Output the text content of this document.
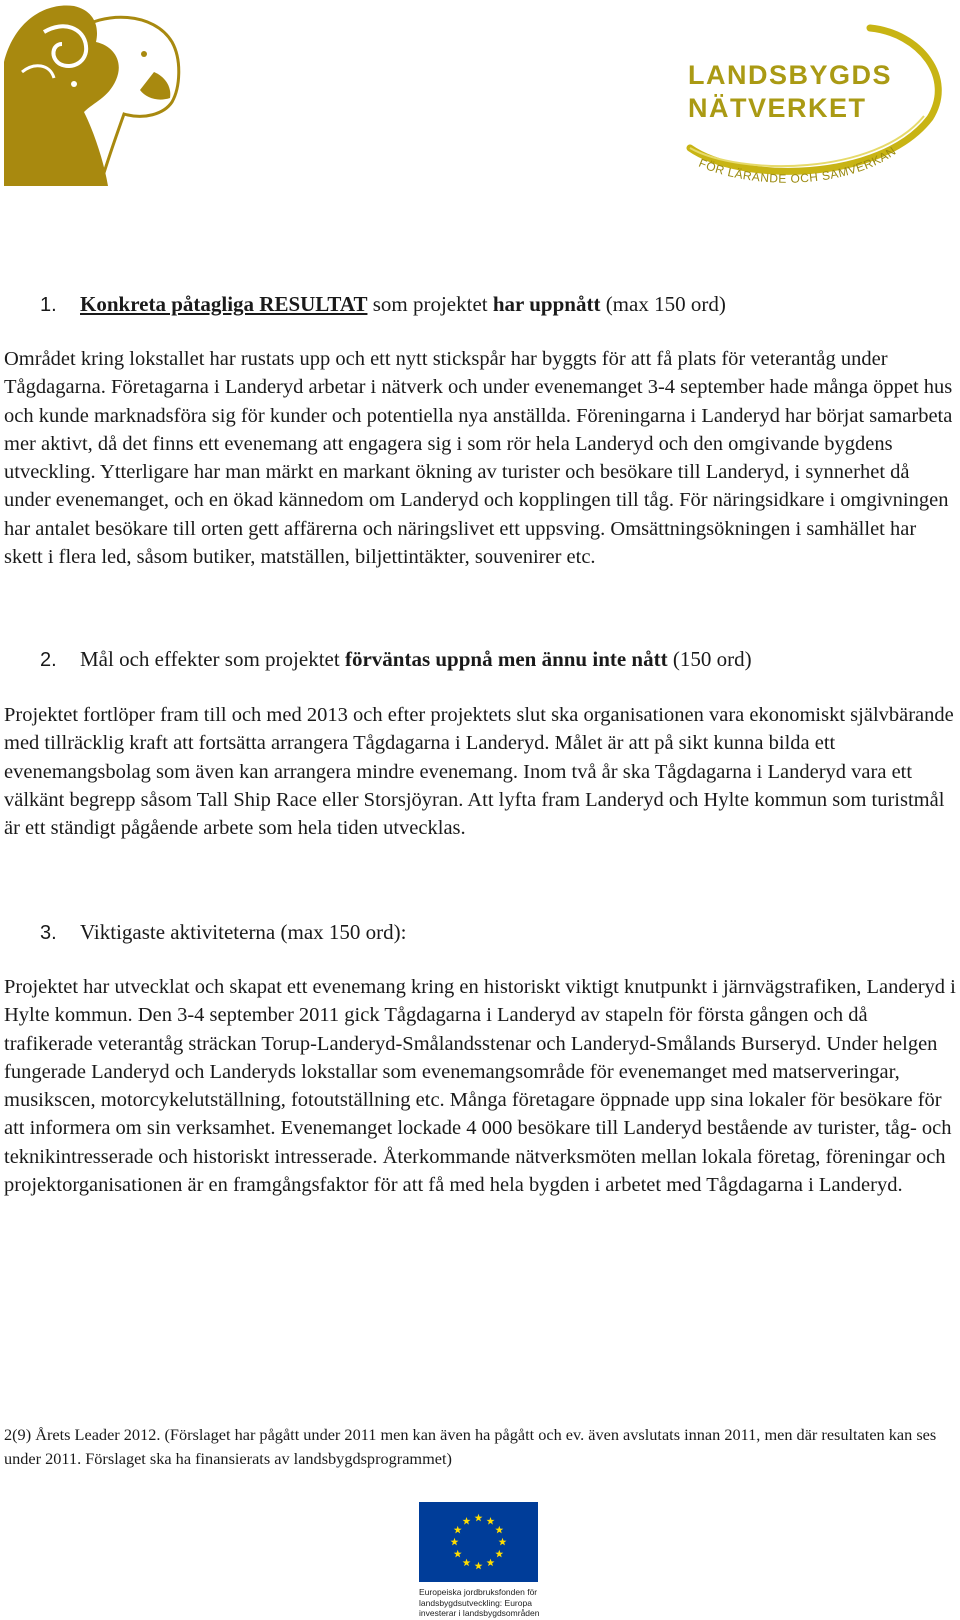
LANDSBYGDS
NÄTVERKET
FÖR LÄRANDE OCH SAMVERKAN
1. Konkreta påtagliga RESULTAT som projektet har uppnått (max 150 ord)

Området kring lokstallet har rustats upp och ett nytt stickspår har byggts för att få plats för veterantåg under Tågdagarna. Företagarna i Landeryd arbetar i nätverk och under evenemanget 3-4 september hade många öppet hus och kunde marknadsföra sig för kunder och potentiella nya anställda. Föreningarna i Landeryd har börjat samarbeta mer aktivt, då det finns ett evenemang att engagera sig i som rör hela Landeryd och den omgivande bygdens utveckling. Ytterligare har man märkt en markant ökning av turister och besökare till Landeryd, i synnerhet då under evenemanget, och en ökad kännedom om Landeryd och kopplingen till tåg. För näringsidkare i omgivningen har antalet besökare till orten gett affärerna och näringslivet ett uppsving. Omsättningsökningen i samhället har skett i flera led, såsom butiker, matställen, biljettintäkter, souvenirer etc.

2. Mål och effekter som projektet förväntas uppnå men ännu inte nått (150 ord)

Projektet fortlöper fram till och med 2013 och efter projektets slut ska organisationen vara ekonomiskt självbärande med tillräcklig kraft att fortsätta arrangera Tågdagarna i Landeryd. Målet är att på sikt kunna bilda ett evenemangsbolag som även kan arrangera mindre evenemang. Inom två år ska Tågdagarna i Landeryd vara ett välkänt begrepp såsom Tall Ship Race eller Storsjöyran. Att lyfta fram Landeryd och Hylte kommun som turistmål är ett ständigt pågående arbete som hela tiden utvecklas.

3. Viktigaste aktiviteterna (max 150 ord):

Projektet har utvecklat och skapat ett evenemang kring en historiskt viktigt knutpunkt i järnvägstrafiken, Landeryd i Hylte kommun. Den 3-4 september 2011 gick Tågdagarna i Landeryd av stapeln för första gången och då trafikerade veterantåg sträckan Torup-Landeryd-Smålandsstenar och Landeryd-Smålands Burseryd. Under helgen fungerade Landeryd och Landeryds lokstallar som evenemangsområde för evenemanget med matserveringar, musikscen, motorcykelutställning, fotoutställning etc. Många företagare öppnade upp sina lokaler för besökare för att informera om sin verksamhet. Evenemanget lockade 4 000 besökare till Landeryd bestående av turister, tåg- och teknikintresserade och historiskt intresserade. Återkommande nätverksmöten mellan lokala företag, föreningar och projektorganisationen är en framgångsfaktor för att få med hela bygden i arbetet med Tågdagarna i Landeryd.

2(9) Årets Leader 2012. (Förslaget har pågått under 2011 men kan även ha pågått och ev. även avslutats innan 2011, men där resultaten kan ses under 2011. Förslaget ska ha finansierats av landsbygdsprogrammet)

Europeiska jordbruksfonden för
landsbygdsutveckling: Europa
investerar i landsbygdsområden
